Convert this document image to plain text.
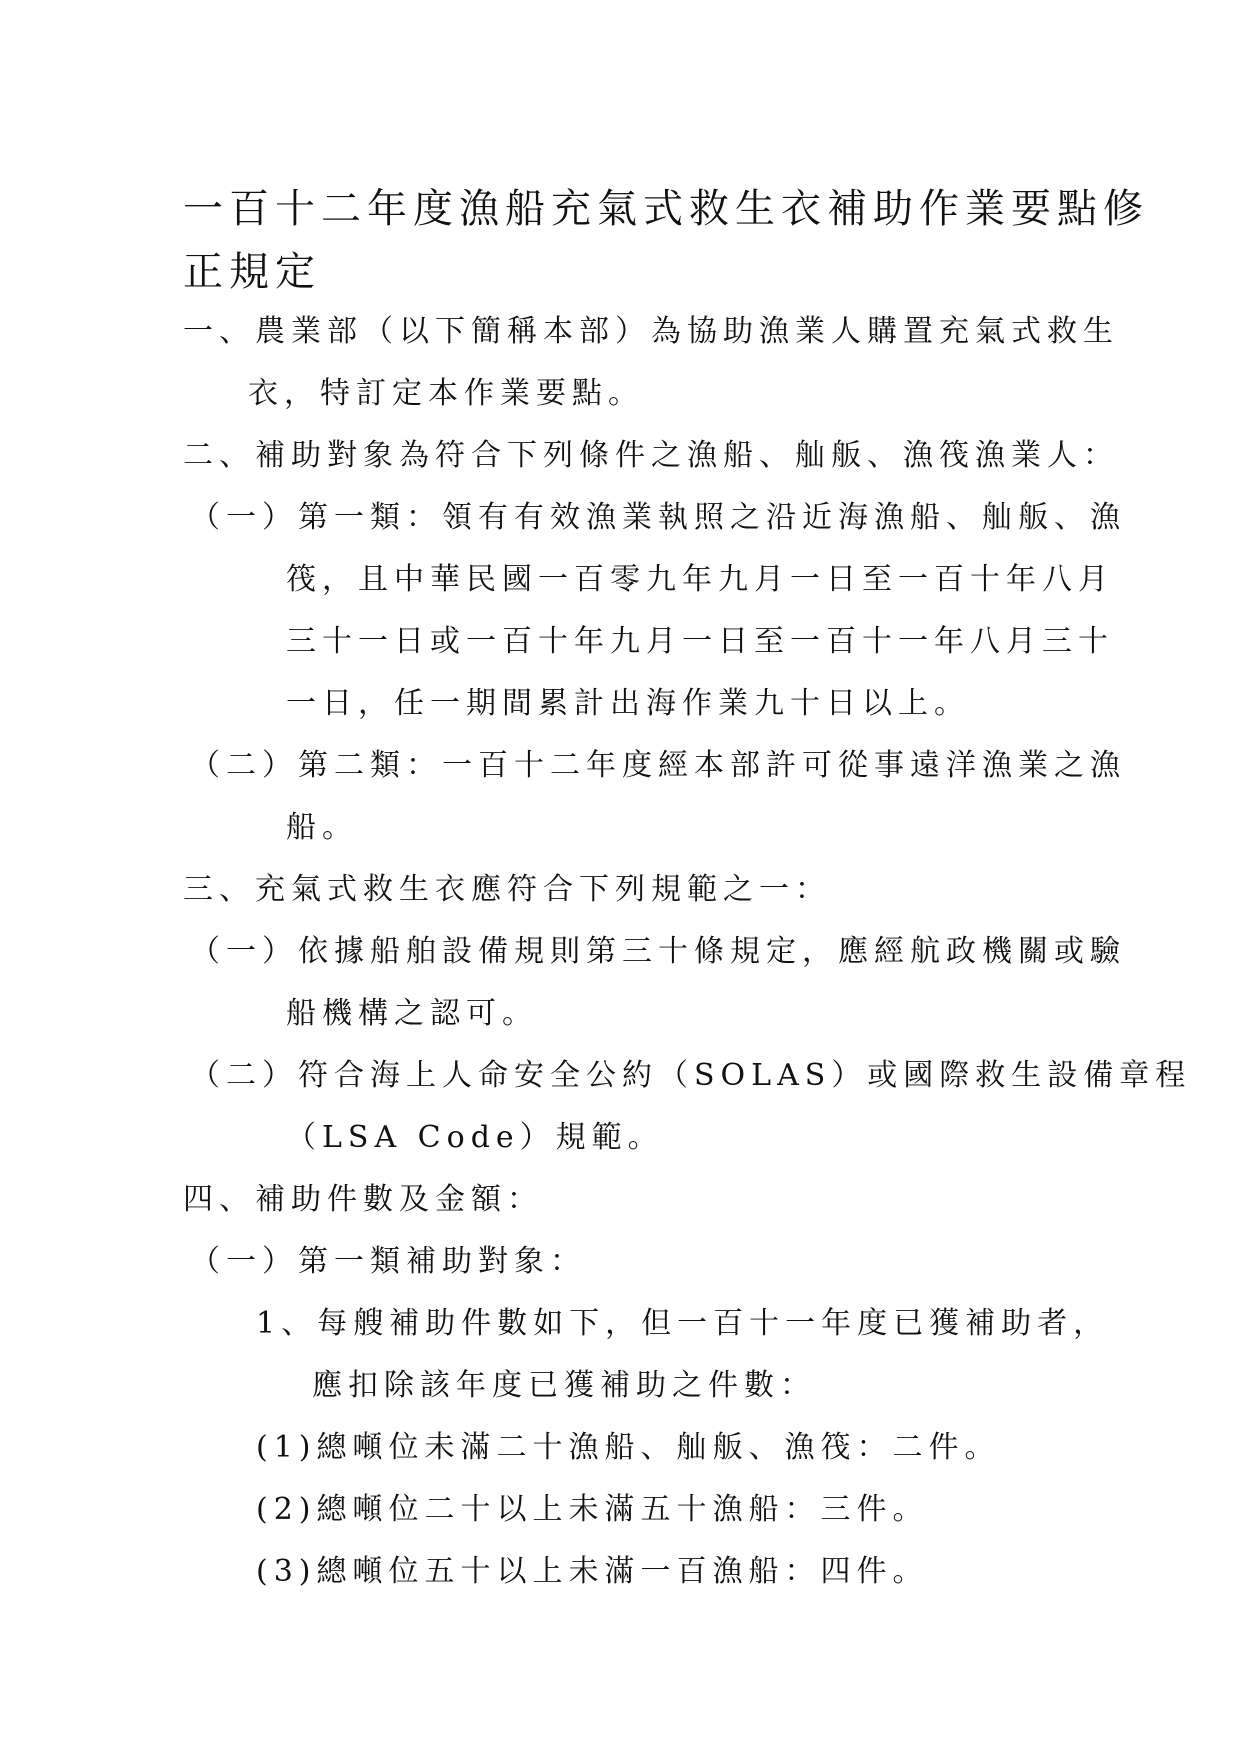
一百十二年度漁船充氣式救生衣補助作業要點修
正規定
一、農業部（以下簡稱本部）為協助漁業人購置充氣式救生
衣，特訂定本作業要點。
二、補助對象為符合下列條件之漁船、舢舨、漁筏漁業人：
（一）第一類：領有有效漁業執照之沿近海漁船、舢舨、漁
筏，且中華民國一百零九年九月一日至一百十年八月
三十一日或一百十年九月一日至一百十一年八月三十
一日，任一期間累計出海作業九十日以上。
（二）第二類：一百十二年度經本部許可從事遠洋漁業之漁
船。
三、充氣式救生衣應符合下列規範之一：
（一）依據船舶設備規則第三十條規定，應經航政機關或驗
船機構之認可。
（二）符合海上人命安全公約（SOLAS）或國際救生設備章程
（LSA Code）規範。
四、補助件數及金額：
（一）第一類補助對象：
1、每艘補助件數如下，但一百十一年度已獲補助者，
應扣除該年度已獲補助之件數：
(1)總噸位未滿二十漁船、舢舨、漁筏：二件。
(2)總噸位二十以上未滿五十漁船：三件。
(3)總噸位五十以上未滿一百漁船：四件。
